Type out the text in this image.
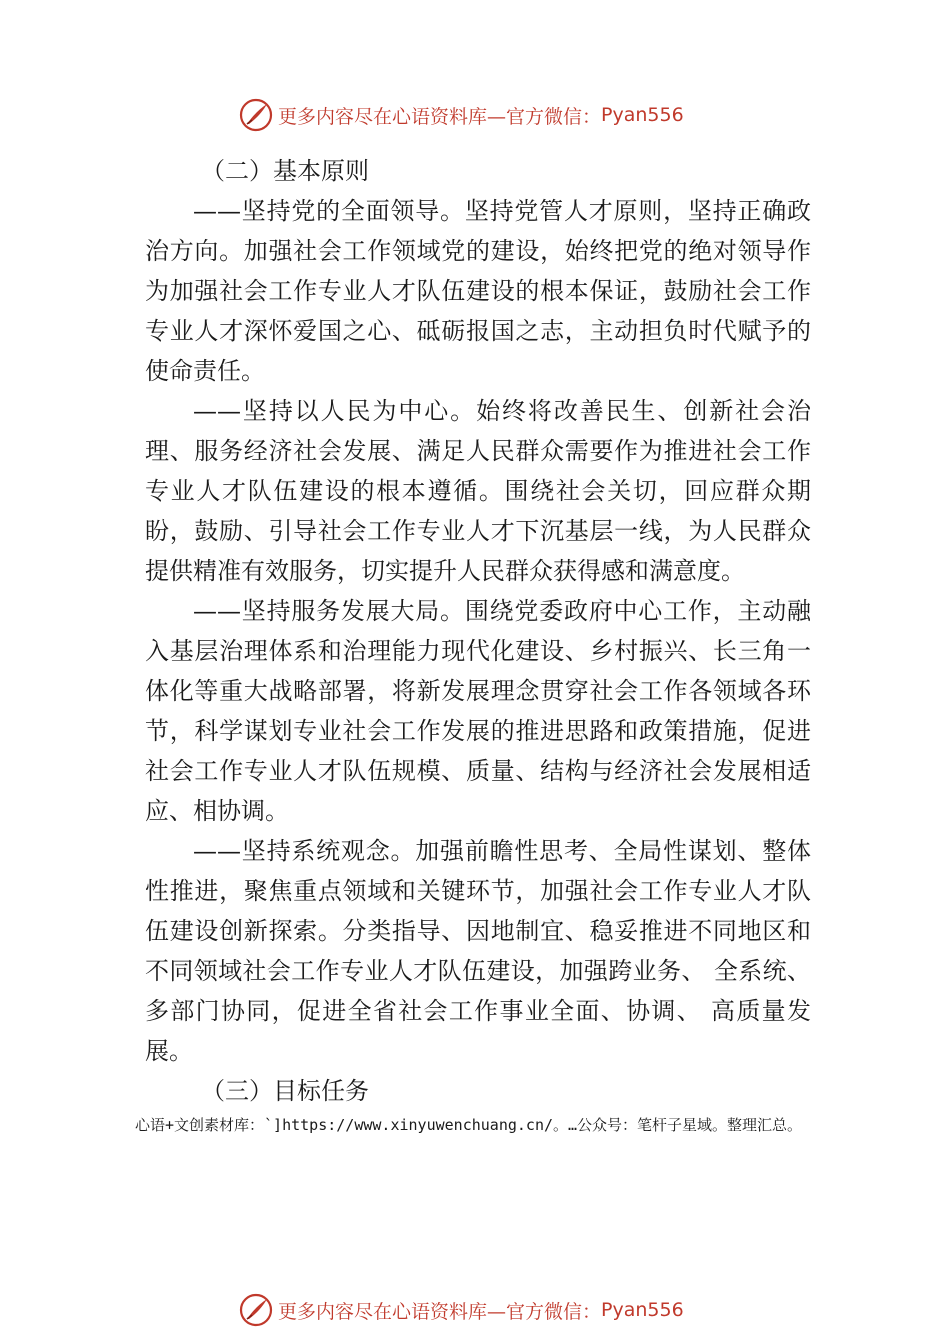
更多内容尽在心语资料库—官方微信： Pyan556
（二）基本原则

——坚持党的全面领导。坚持党管人才原则，坚持正确政治方向。加强社会工作领域党的建设，始终把党的绝对领导作为加强社会工作专业人才队伍建设的根本保证，鼓励社会工作专业人才深怀爱国之心、砥砺报国之志，主动担负时代赋予的使命责任。

——坚持以人民为中心。始终将改善民生、创新社会治理、服务经济社会发展、满足人民群众需要作为推进社会工作专业人才队伍建设的根本遵循。围绕社会关切，回应群众期盼，鼓励、引导社会工作专业人才下沉基层一线，为人民群众提供精准有效服务，切实提升人民群众获得感和满意度。

——坚持服务发展大局。围绕党委政府中心工作，主动融入基层治理体系和治理能力现代化建设、乡村振兴、长三角一体化等重大战略部署，将新发展理念贯穿社会工作各领域各环节，科学谋划专业社会工作发展的推进思路和政策措施，促进社会工作专业人才队伍规模、质量、结构与经济社会发展相适应、相协调。

——坚持系统观念。加强前瞻性思考、全局性谋划、整体性推进，聚焦重点领域和关键环节，加强社会工作专业人才队伍建设创新探索。分类指导、因地制宜、稳妥推进不同地区和不同领域社会工作专业人才队伍建设，加强跨业务、 全系统、多部门协同，促进全省社会工作事业全面、协调、 高质量发展。

（三）目标任务
心语+文创素材库：`]https://www.xinyuwenchuang.cn/。…公众号：笔杆子星域。整理汇总。
更多内容尽在心语资料库—官方微信： Pyan556
